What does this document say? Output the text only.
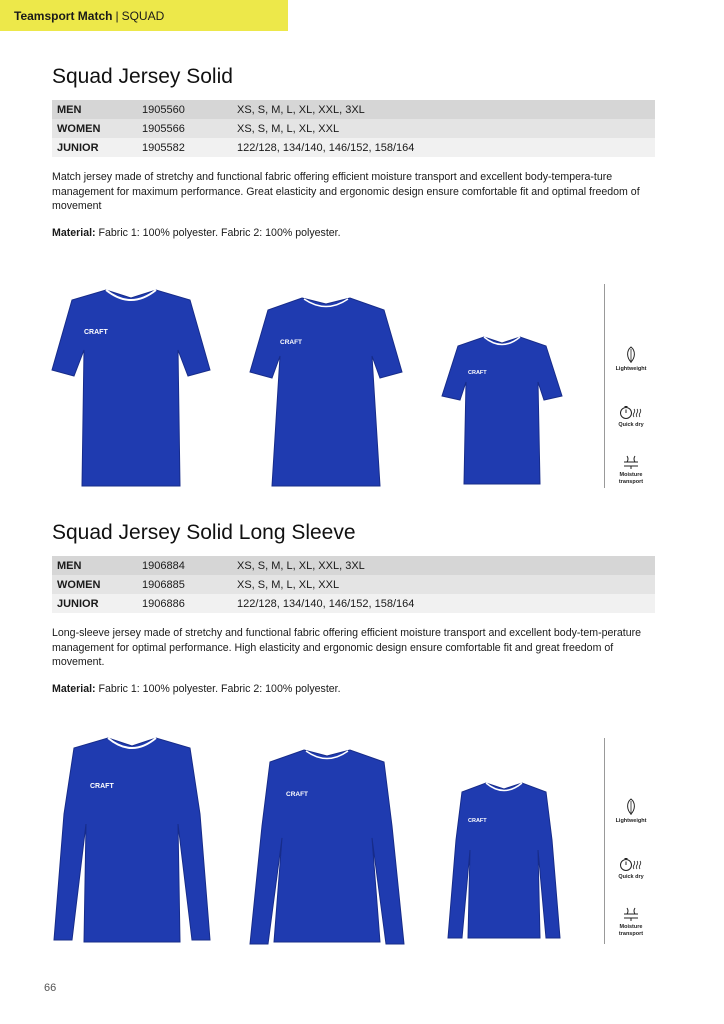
Teamsport Match | SQUAD
Squad Jersey Solid
MEN	1905560	XS, S, M, L, XL, XXL, 3XL
WOMEN	1905566	XS, S, M, L, XL, XXL
JUNIOR	1905582	122/128, 134/140, 146/152, 158/164

Match jersey made of stretchy and functional fabric offering efficient moisture transport and excellent body-tempera-ture management for maximum performance. Great elasticity and ergonomic design ensure comfortable fit and optimal freedom of movement

Material: Fabric 1: 100% polyester. Fabric 2: 100% polyester.

CRAFT
CRAFT
CRAFT
Lightweight
Quick dry
Moisture transport
Squad Jersey Solid Long Sleeve
MEN	1906884	XS, S, M, L, XL, XXL, 3XL
WOMEN	1906885	XS, S, M, L, XL, XXL
JUNIOR	1906886	122/128, 134/140, 146/152, 158/164

Long-sleeve jersey made of stretchy and functional fabric offering efficient moisture transport and excellent body-tem-perature management for optimal performance. High elasticity and ergonomic design ensure comfortable fit and great freedom of movement.

Material: Fabric 1: 100% polyester. Fabric 2: 100% polyester.

CRAFT
CRAFT
CRAFT	Lightweight
Quick dry
Moisture transport
66
